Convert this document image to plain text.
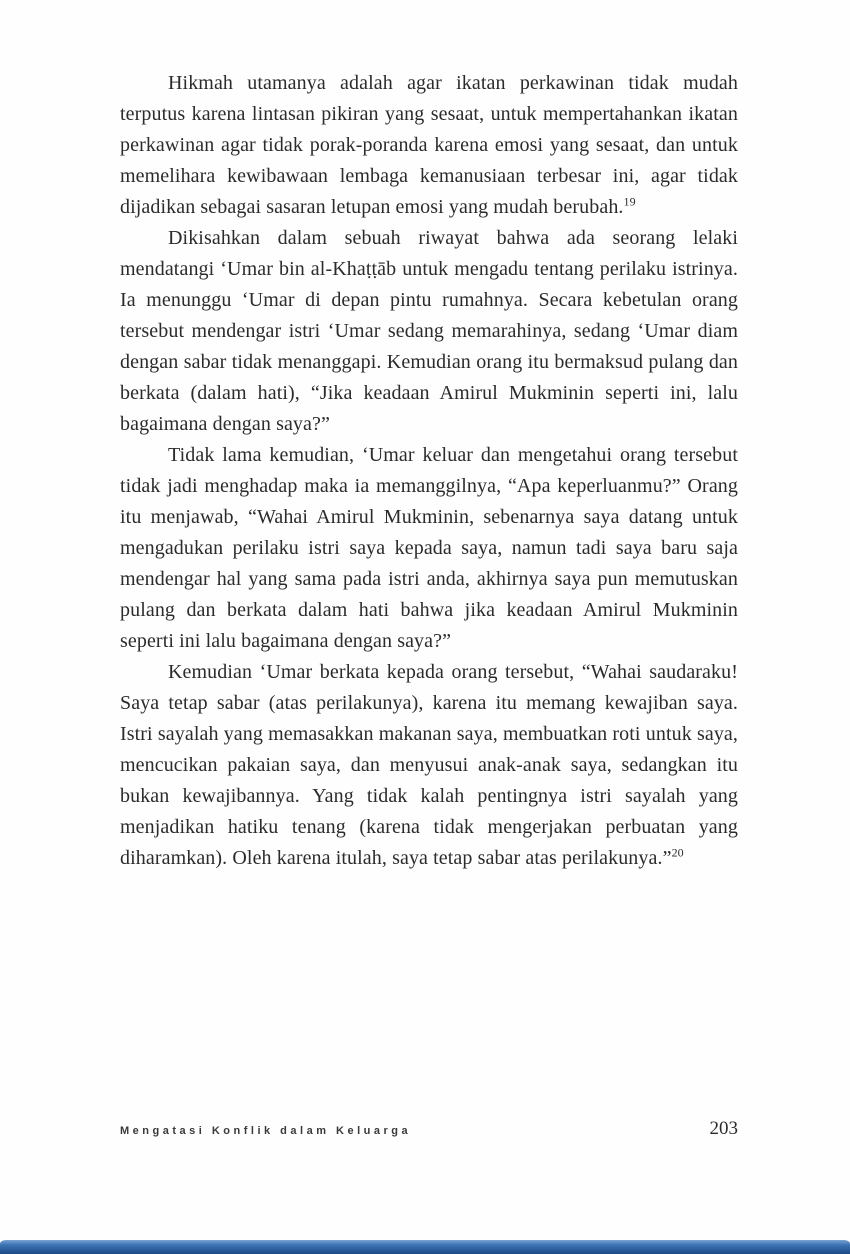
Hikmah utamanya adalah agar ikatan perkawinan tidak mudah terputus karena lintasan pikiran yang sesaat, untuk mempertahankan ikatan perkawinan agar tidak porak-poranda karena emosi yang sesaat, dan untuk memelihara kewibawaan lembaga kemanusiaan terbesar ini, agar tidak dijadikan sebagai sasaran letupan emosi yang mudah berubah.$^{19}$

Dikisahkan dalam sebuah riwayat bahwa ada seorang lelaki mendatangi ‘Umar bin al-Khaṭṭāb untuk mengadu tentang perilaku istrinya. Ia menunggu ‘Umar di depan pintu rumahnya. Secara kebetulan orang tersebut mendengar istri ‘Umar sedang memarahinya, sedang ‘Umar diam dengan sabar tidak menanggapi. Kemudian orang itu bermaksud pulang dan berkata (dalam hati), “Jika keadaan Amirul Mukminin seperti ini, lalu bagaimana dengan saya?”

Tidak lama kemudian, ‘Umar keluar dan mengetahui orang tersebut tidak jadi menghadap maka ia memanggilnya, “Apa keperluanmu?” Orang itu menjawab, “Wahai Amirul Mukminin, sebenarnya saya datang untuk mengadukan perilaku istri saya kepada saya, namun tadi saya baru saja mendengar hal yang sama pada istri anda, akhirnya saya pun memutuskan pulang dan berkata dalam hati bahwa jika keadaan Amirul Mukminin seperti ini lalu bagaimana dengan saya?”

Kemudian ‘Umar berkata kepada orang tersebut, “Wahai saudaraku! Saya tetap sabar (atas perilakunya), karena itu memang kewajiban saya. Istri sayalah yang memasakkan makanan saya, membuatkan roti untuk saya, mencucikan pakaian saya, dan menyusui anak-anak saya, sedangkan itu bukan kewajibannya. Yang tidak kalah pentingnya istri sayalah yang menjadikan hatiku tenang (karena tidak mengerjakan perbuatan yang diharamkan). Oleh karena itulah, saya tetap sabar atas perilakunya.”$^{20}$

Mengatasi Konflik dalam Keluarga	203
